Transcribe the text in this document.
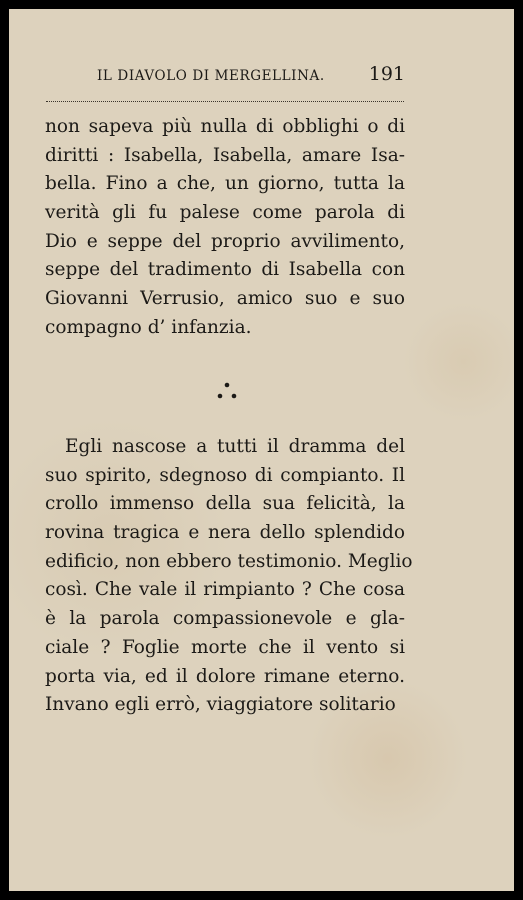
IL DIAVOLO DI MERGELLINA. 191
non sapeva più nulla di obblighi o di
diritti : Isabella, Isabella, amare Isa-
bella. Fino a che, un giorno, tutta la
verità gli fu palese come parola di
Dio e seppe del proprio avvilimento,
seppe del tradimento di Isabella con
Giovanni Verrusio, amico suo e suo
compagno d’ infanzia.
Egli nascose a tutti il dramma del
suo spirito, sdegnoso di compianto. Il
crollo immenso della sua felicità, la
rovina tragica e nera dello splendido
edificio, non ebbero testimonio. Meglio
così. Che vale il rimpianto ? Che cosa
è la parola compassionevole e gla-
ciale ? Foglie morte che il vento si
porta via, ed il dolore rimane eterno.
Invano egli errò, viaggiatore solitario
